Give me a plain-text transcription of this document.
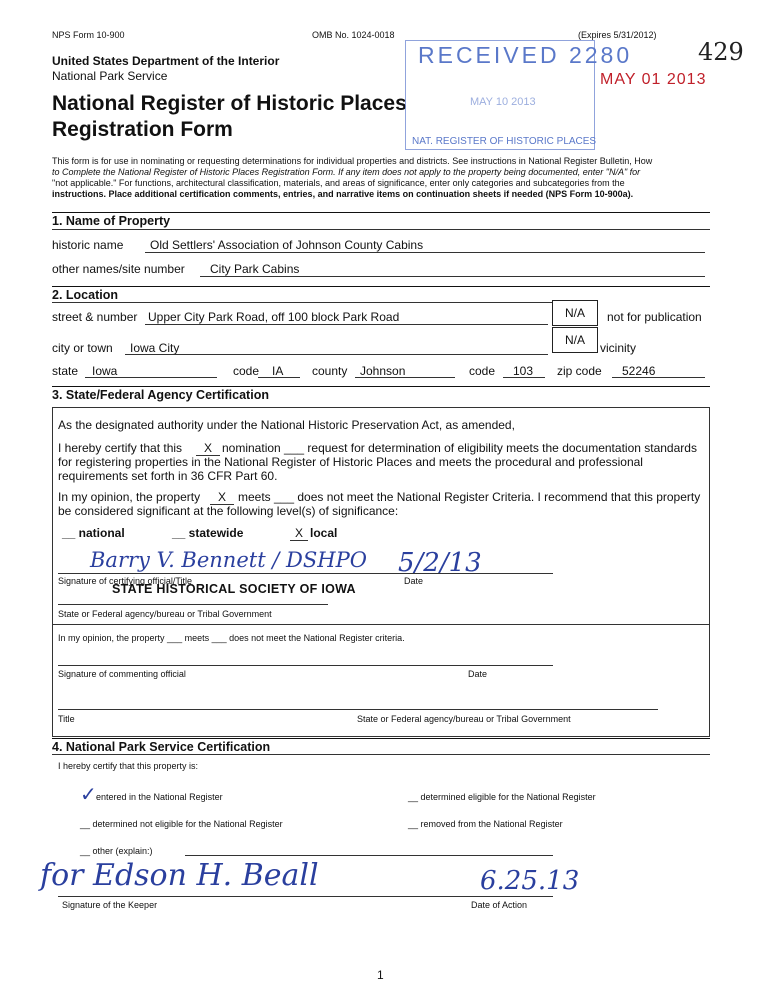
NPS Form 10-900	OMB No. 1024-0018	(Expires 5/31/2012)
429
United States Department of the Interior
National Park Service
National Register of Historic Places
Registration Form
RECEIVED 2280
MAY 10 2013
NAT. REGISTER OF HISTORIC PLACES
MAY 01 2013
This form is for use in nominating or requesting determinations for individual properties and districts. See instructions in National Register Bulletin, How
to Complete the National Register of Historic Places Registration Form. If any item does not apply to the property being documented, enter "N/A" for
"not applicable." For functions, architectural classification, materials, and areas of significance, enter only categories and subcategories from the
instructions. Place additional certification comments, entries, and narrative items on continuation sheets if needed (NPS Form 10-900a).
1. Name of Property
historic name Old Settlers' Association of Johnson County Cabins
other names/site number City Park Cabins
2. Location
street & number Upper City Park Road, off 100 block Park Road	N/A	not for publication
city or town Iowa City
N/A
vicinity
state Iowa	code IA county Johnson	code 103 zip code 52246
3. State/Federal Agency Certification
As the designated authority under the National Historic Preservation Act, as amended,
I hereby certify that this	X nomination ___ request for determination of eligibility meets the documentation standards
for registering properties in the National Register of Historic Places and meets the procedural and professional
requirements set forth in 36 CFR Part 60.
In my opinion, the property	X	meets ___ does not meet the National Register Criteria. I recommend that this property
be considered significant at the following level(s) of significance:
__ national	__ statewide	X local
Barry V. Bennett / DSHPO 5/2/13
Signature of certifying official/Title	Date
STATE HISTORICAL SOCIETY OF IOWA
State or Federal agency/bureau or Tribal Government
In my opinion, the property ___ meets ___ does not meet the National Register criteria.
Signature of commenting official	Date
Title	State or Federal agency/bureau or Tribal Government
4. National Park Service Certification
I hereby certify that this property is:
✓ entered in the National Register	__ determined eligible for the National Register
__ determined not eligible for the National Register	__ removed from the National Register
__ other (explain:)
for Edson H. Beall	6.25.13
Signature of the Keeper	Date of Action
1
